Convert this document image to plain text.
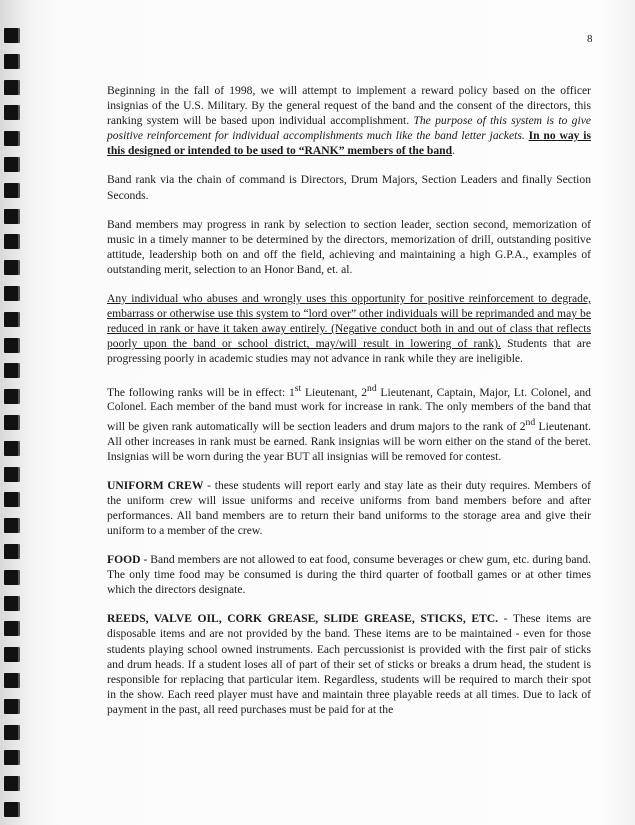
8

Beginning in the fall of 1998, we will attempt to implement a reward policy based on the officer insignias of the U.S. Military. By the general request of the band and the consent of the directors, this ranking system will be based upon individual accomplishment. The purpose of this system is to give positive reinforcement for individual accomplishments much like the band letter jackets. In no way is this designed or intended to be used to “RANK” members of the band.

Band rank via the chain of command is Directors, Drum Majors, Section Leaders and finally Section Seconds.

Band members may progress in rank by selection to section leader, section second, memorization of music in a timely manner to be determined by the directors, memorization of drill, outstanding positive attitude, leadership both on and off the field, achieving and maintaining a high G.P.A., examples of outstanding merit, selection to an Honor Band, et. al.

Any individual who abuses and wrongly uses this opportunity for positive reinforcement to degrade, embarrass or otherwise use this system to “lord over” other individuals will be reprimanded and may be reduced in rank or have it taken away entirely. (Negative conduct both in and out of class that reflects poorly upon the band or school district, may/will result in lowering of rank). Students that are progressing poorly in academic studies may not advance in rank while they are ineligible.

The following ranks will be in effect: 1st Lieutenant, 2nd Lieutenant, Captain, Major, Lt. Colonel, and Colonel. Each member of the band must work for increase in rank. The only members of the band that will be given rank automatically will be section leaders and drum majors to the rank of 2nd Lieutenant. All other increases in rank must be earned. Rank insignias will be worn either on the stand of the beret. Insignias will be worn during the year BUT all insignias will be removed for contest.

UNIFORM CREW - these students will report early and stay late as their duty requires. Members of the uniform crew will issue uniforms and receive uniforms from band members before and after performances. All band members are to return their band uniforms to the storage area and give their uniform to a member of the crew.

FOOD - Band members are not allowed to eat food, consume beverages or chew gum, etc. during band. The only time food may be consumed is during the third quarter of football games or at other times which the directors designate.

REEDS, VALVE OIL, CORK GREASE, SLIDE GREASE, STICKS, ETC. - These items are disposable items and are not provided by the band. These items are to be maintained - even for those students playing school owned instruments. Each percussionist is provided with the first pair of sticks and drum heads. If a student loses all of part of their set of sticks or breaks a drum head, the student is responsible for replacing that particular item. Regardless, students will be required to march their spot in the show. Each reed player must have and maintain three playable reeds at all times. Due to lack of payment in the past, all reed purchases must be paid for at the
